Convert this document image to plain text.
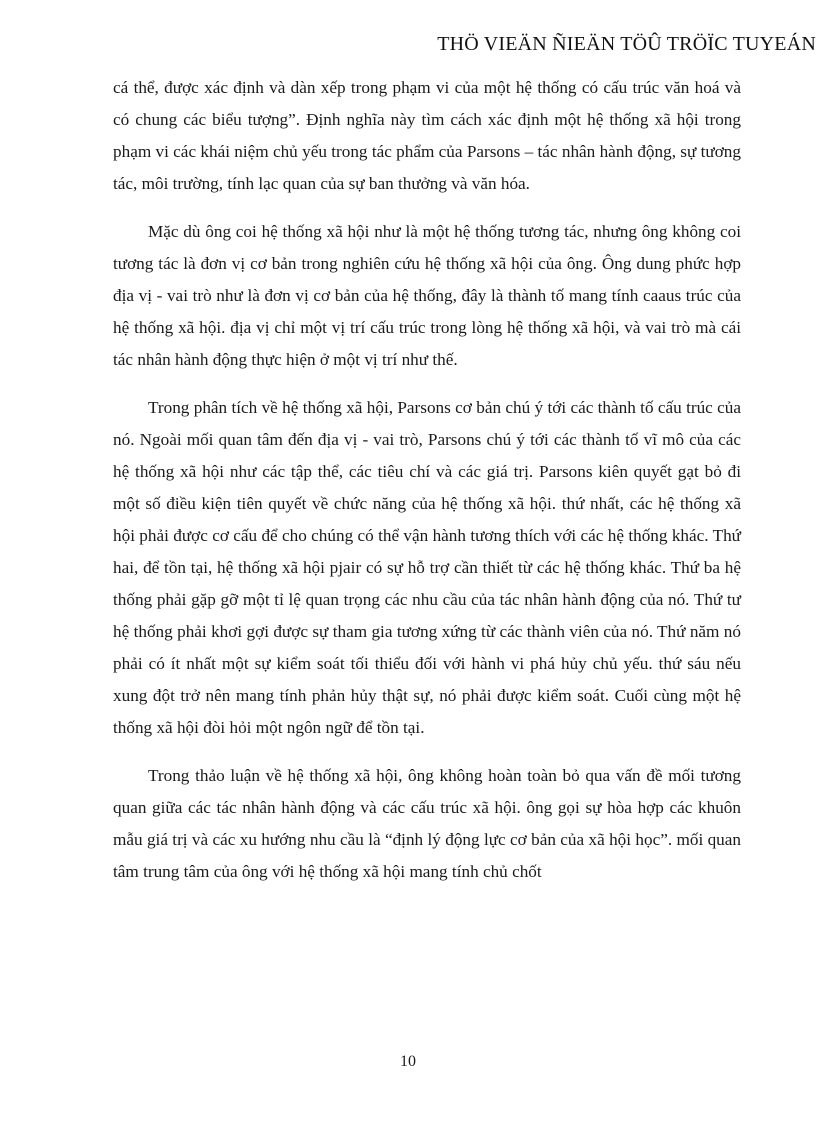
THÖ VIEÄN ÑIEÄN TÖÛ TRÖÏC TUYEÁN

cá thể, được xác định và dàn xếp trong phạm vi của một hệ thống có cấu trúc văn hoá và có chung các biểu tượng”. Định nghĩa này tìm cách xác định một hệ thống xã hội trong phạm vi các khái niệm chủ yếu trong tác phẩm của Parsons – tác nhân hành động, sự tương tác, môi trường, tính lạc quan của sự ban thưởng và văn hóa.

Mặc dù ông coi hệ thống xã hội như là một hệ thống tương tác, nhưng ông không coi tương tác là đơn vị cơ bản trong nghiên cứu hệ thống xã hội của ông. Ông dung phức hợp địa vị - vai trò như là đơn vị cơ bản của hệ thống, đây là thành tố mang tính caaus trúc của hệ thống xã hội. địa vị chỉ một vị trí cấu trúc trong lòng hệ thống xã hội, và vai trò mà cái tác nhân hành động thực hiện ở một vị trí như thế.

Trong phân tích về hệ thống xã hội, Parsons cơ bản chú ý tới các thành tố cấu trúc của nó. Ngoài mối quan tâm đến địa vị - vai trò, Parsons chú ý tới các thành tố vĩ mô của các hệ thống xã hội như các tập thể, các tiêu chí và các giá trị. Parsons kiên quyết gạt bỏ đi một số điều kiện tiên quyết về chức năng của hệ thống xã hội. thứ nhất, các hệ thống xã hội phải được cơ cấu để cho chúng có thể vận hành tương thích với các hệ thống khác. Thứ hai, để tồn tại, hệ thống xã hội pjair có sự hỗ trợ cần thiết từ các hệ thống khác. Thứ ba hệ thống phải gặp gỡ một tỉ lệ quan trọng các nhu cầu của tác nhân hành động của nó. Thứ tư hệ thống phải khơi gợi được sự tham gia tương xứng từ các thành viên của nó. Thứ năm nó phải có ít nhất một sự kiểm soát tối thiểu đối với hành vi phá hủy chủ yếu. thứ sáu nếu xung đột trở nên mang tính phản hủy thật sự, nó phải được kiểm soát. Cuối cùng một hệ thống xã hội đòi hỏi một ngôn ngữ để tồn tại.

Trong thảo luận về hệ thống xã hội, ông không hoàn toàn bỏ qua vấn đề mối tương quan giữa các tác nhân hành động và các cấu trúc xã hội. ông gọi sự hòa hợp các khuôn mẫu giá trị và các xu hướng nhu cầu là “định lý động lực cơ bản của xã hội học”. mối quan tâm trung tâm của ông với hệ thống xã hội mang tính chủ chốt

10
